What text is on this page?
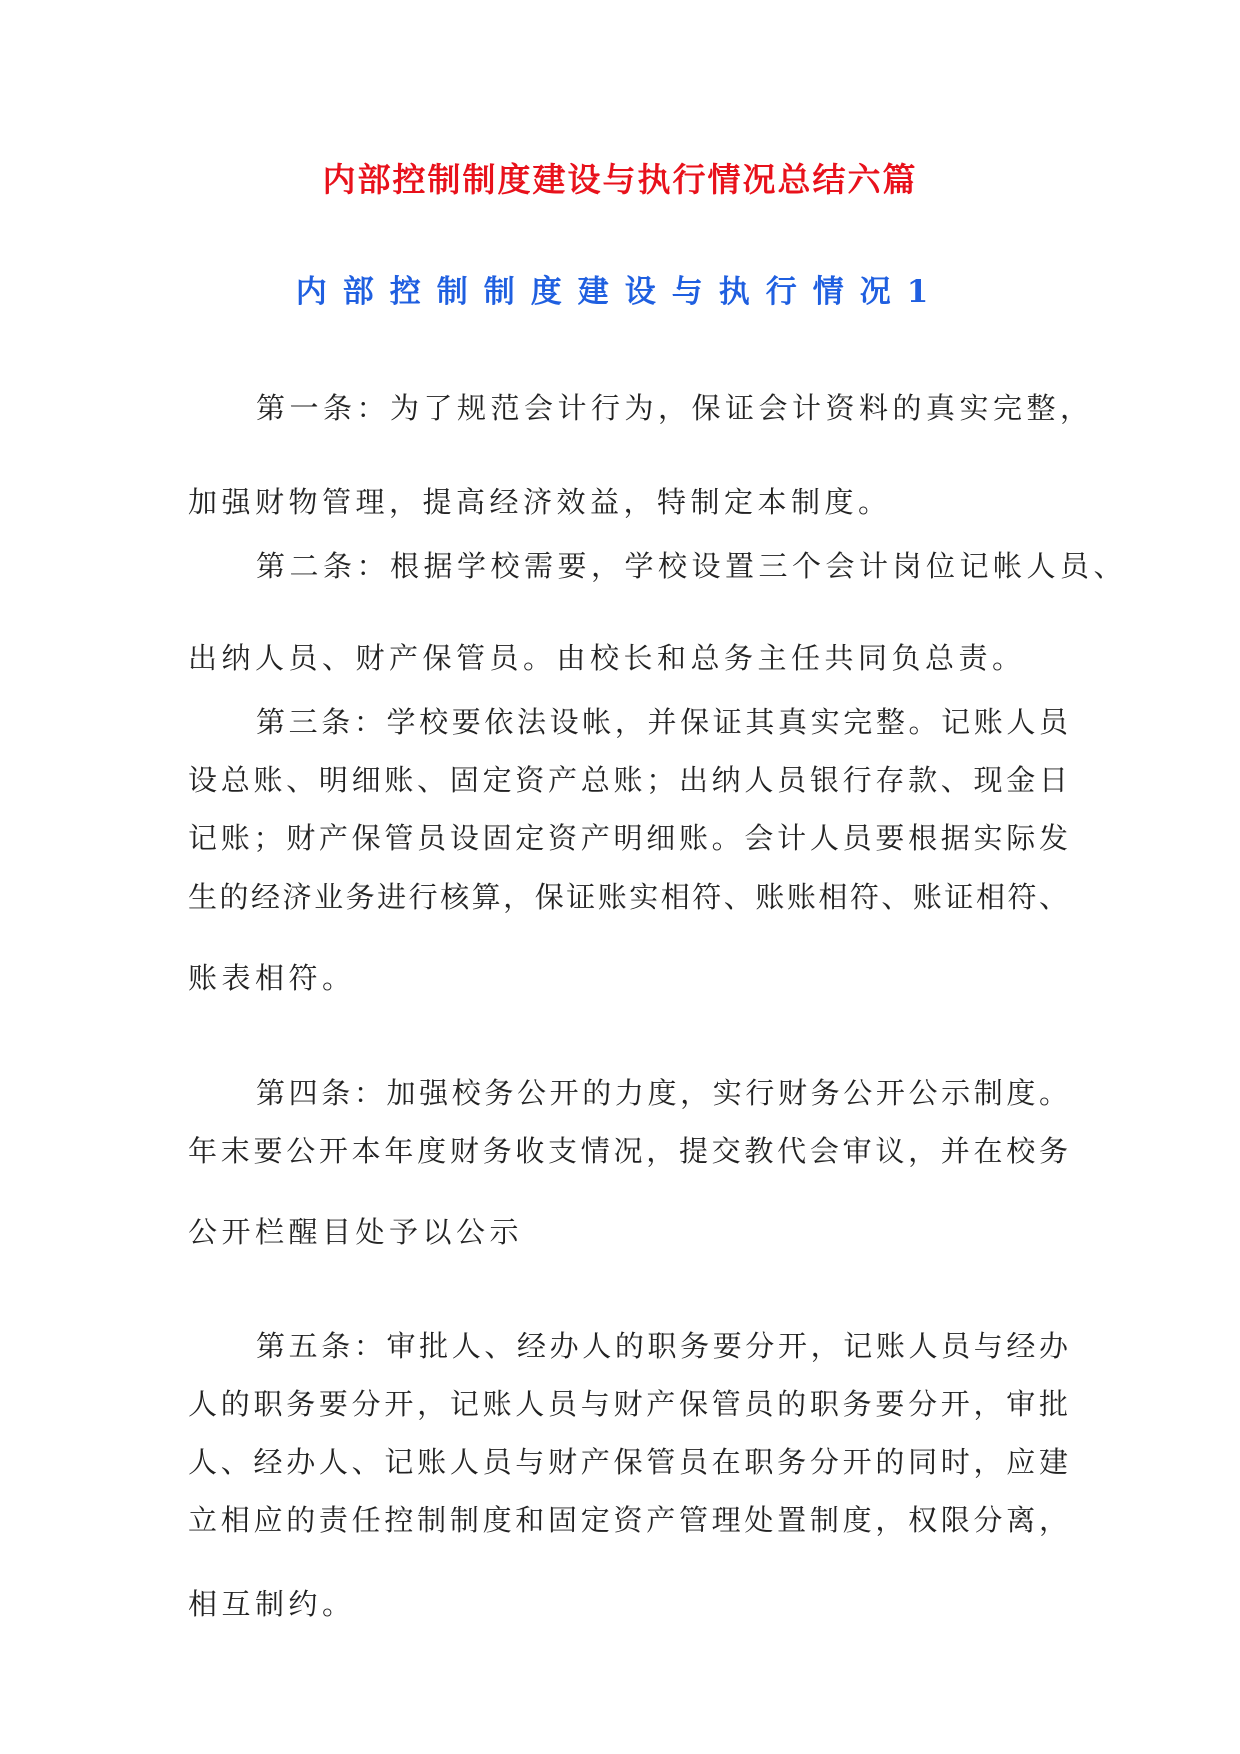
内部控制制度建设与执行情况总结六篇
内部控制制度建设与执行情况1
第一条：为了规范会计行为，保证会计资料的真实完整，
加强财物管理，提高经济效益，特制定本制度。
第二条：根据学校需要，学校设置三个会计岗位记帐人员、
出纳人员、财产保管员。由校长和总务主任共同负总责。
第三条：学校要依法设帐，并保证其真实完整。记账人员
设总账、明细账、固定资产总账；出纳人员银行存款、现金日
记账；财产保管员设固定资产明细账。会计人员要根据实际发
生的经济业务进行核算，保证账实相符、账账相符、账证相符、
账表相符。
第四条：加强校务公开的力度，实行财务公开公示制度。
年末要公开本年度财务收支情况，提交教代会审议，并在校务
公开栏醒目处予以公示
第五条：审批人、经办人的职务要分开，记账人员与经办
人的职务要分开，记账人员与财产保管员的职务要分开，审批
人、经办人、记账人员与财产保管员在职务分开的同时，应建
立相应的责任控制制度和固定资产管理处置制度，权限分离，
相互制约。
